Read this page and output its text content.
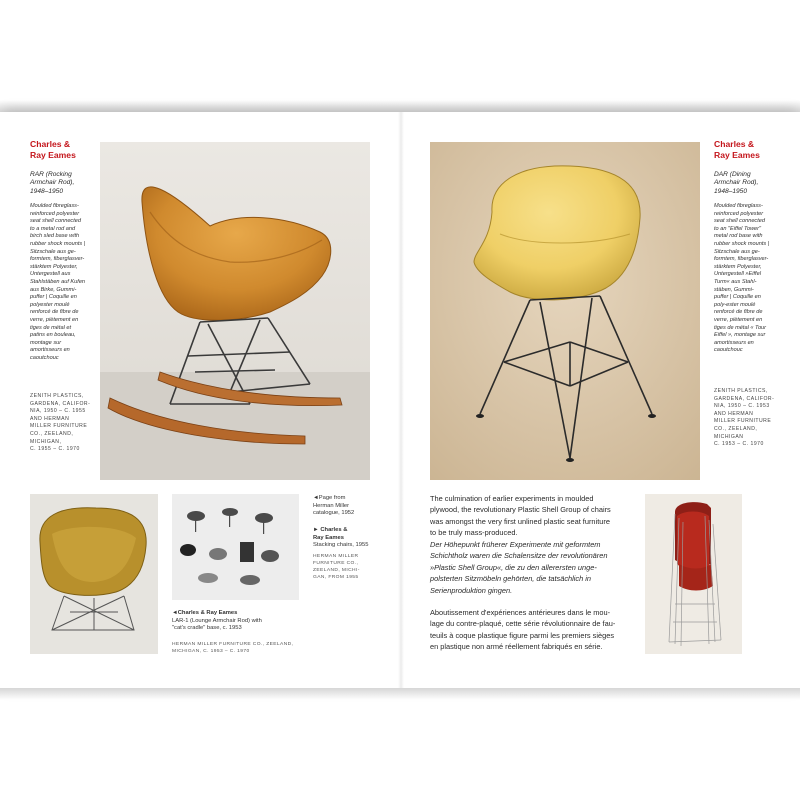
Charles &
Ray Eames
RAR (Rocking
Armchair Rod),
1948–1950
Moulded fibreglass-
reinforced polyester
seat shell connected
to a metal rod and
birch sled base with
rubber shock mounts |
Sitzschale aus ge-
formtem, fiberglasver-
stärktem Polyester,
Untergestell aus
Stahlstäben auf Kufen
aus Birke, Gummi-
puffer | Coquille en
polyester moulé
renforcé de fibre de
verre, piètement en
tiges de métal et
patins en bouleau,
montage sur
amortisseurs en
caoutchouc
ZENITH PLASTICS,
GARDENA, CALIFOR-
NIA, 1950 – C. 1955
AND HERMAN
MILLER FURNITURE
CO., ZEELAND,
MICHIGAN,
C. 1955 – C. 1970
◄Page from
Herman Miller
catalogue, 1952
► Charles &
Ray Eames
Stacking chairs, 1955
HERMAN MILLER
FURNITURE CO.,
ZEELAND, MICHI-
GAN, FROM 1955
◄Charles & Ray Eames
LAR-1 (Lounge Armchair Rod) with
"cat's cradle" base, c. 1953
HERMAN MILLER FURNITURE CO., ZEELAND,
MICHIGAN, C. 1953 – C. 1970
Charles &
Ray Eames
DAR (Dining
Armchair Rod),
1948–1950
Moulded fibreglass-
reinforced polyester
seat shell connected
to an "Eiffel Tower"
metal rod base with
rubber shock mounts |
Sitzschale aus ge-
formtem, fiberglasver-
stärktem Polyester,
Untergestell »Eiffel
Turm« aus Stahl-
stäben, Gummi-
puffer | Coquille en
poly-ester moulé
renforcé de fibre de
verre, piètement en
tiges de métal « Tour
Eiffel », montage sur
amortisseurs en
caoutchouc
ZENITH PLASTICS,
GARDENA, CALIFOR-
NIA, 1950 – C. 1953
AND HERMAN
MILLER FURNITURE
CO., ZEELAND,
MICHIGAN
C. 1953 – C. 1970
The culmination of earlier experiments in moulded
plywood, the revolutionary Plastic Shell Group of chairs
was amongst the very first unlined plastic seat furniture
to be truly mass-produced.
Der Höhepunkt früherer Experimente mit geformtem
Schichtholz waren die Schalensitze der revolutionären
»Plastic Shell Group«, die zu den allerersten unge-
polsterten Sitzmöbeln gehörten, die tatsächlich in
Serienproduktion gingen.
Aboutissement d'expériences antérieures dans le mou-
lage du contre-plaqué, cette série révolutionnaire de fau-
teuils à coque plastique figure parmi les premiers sièges
en plastique non armé réellement fabriqués en série.
